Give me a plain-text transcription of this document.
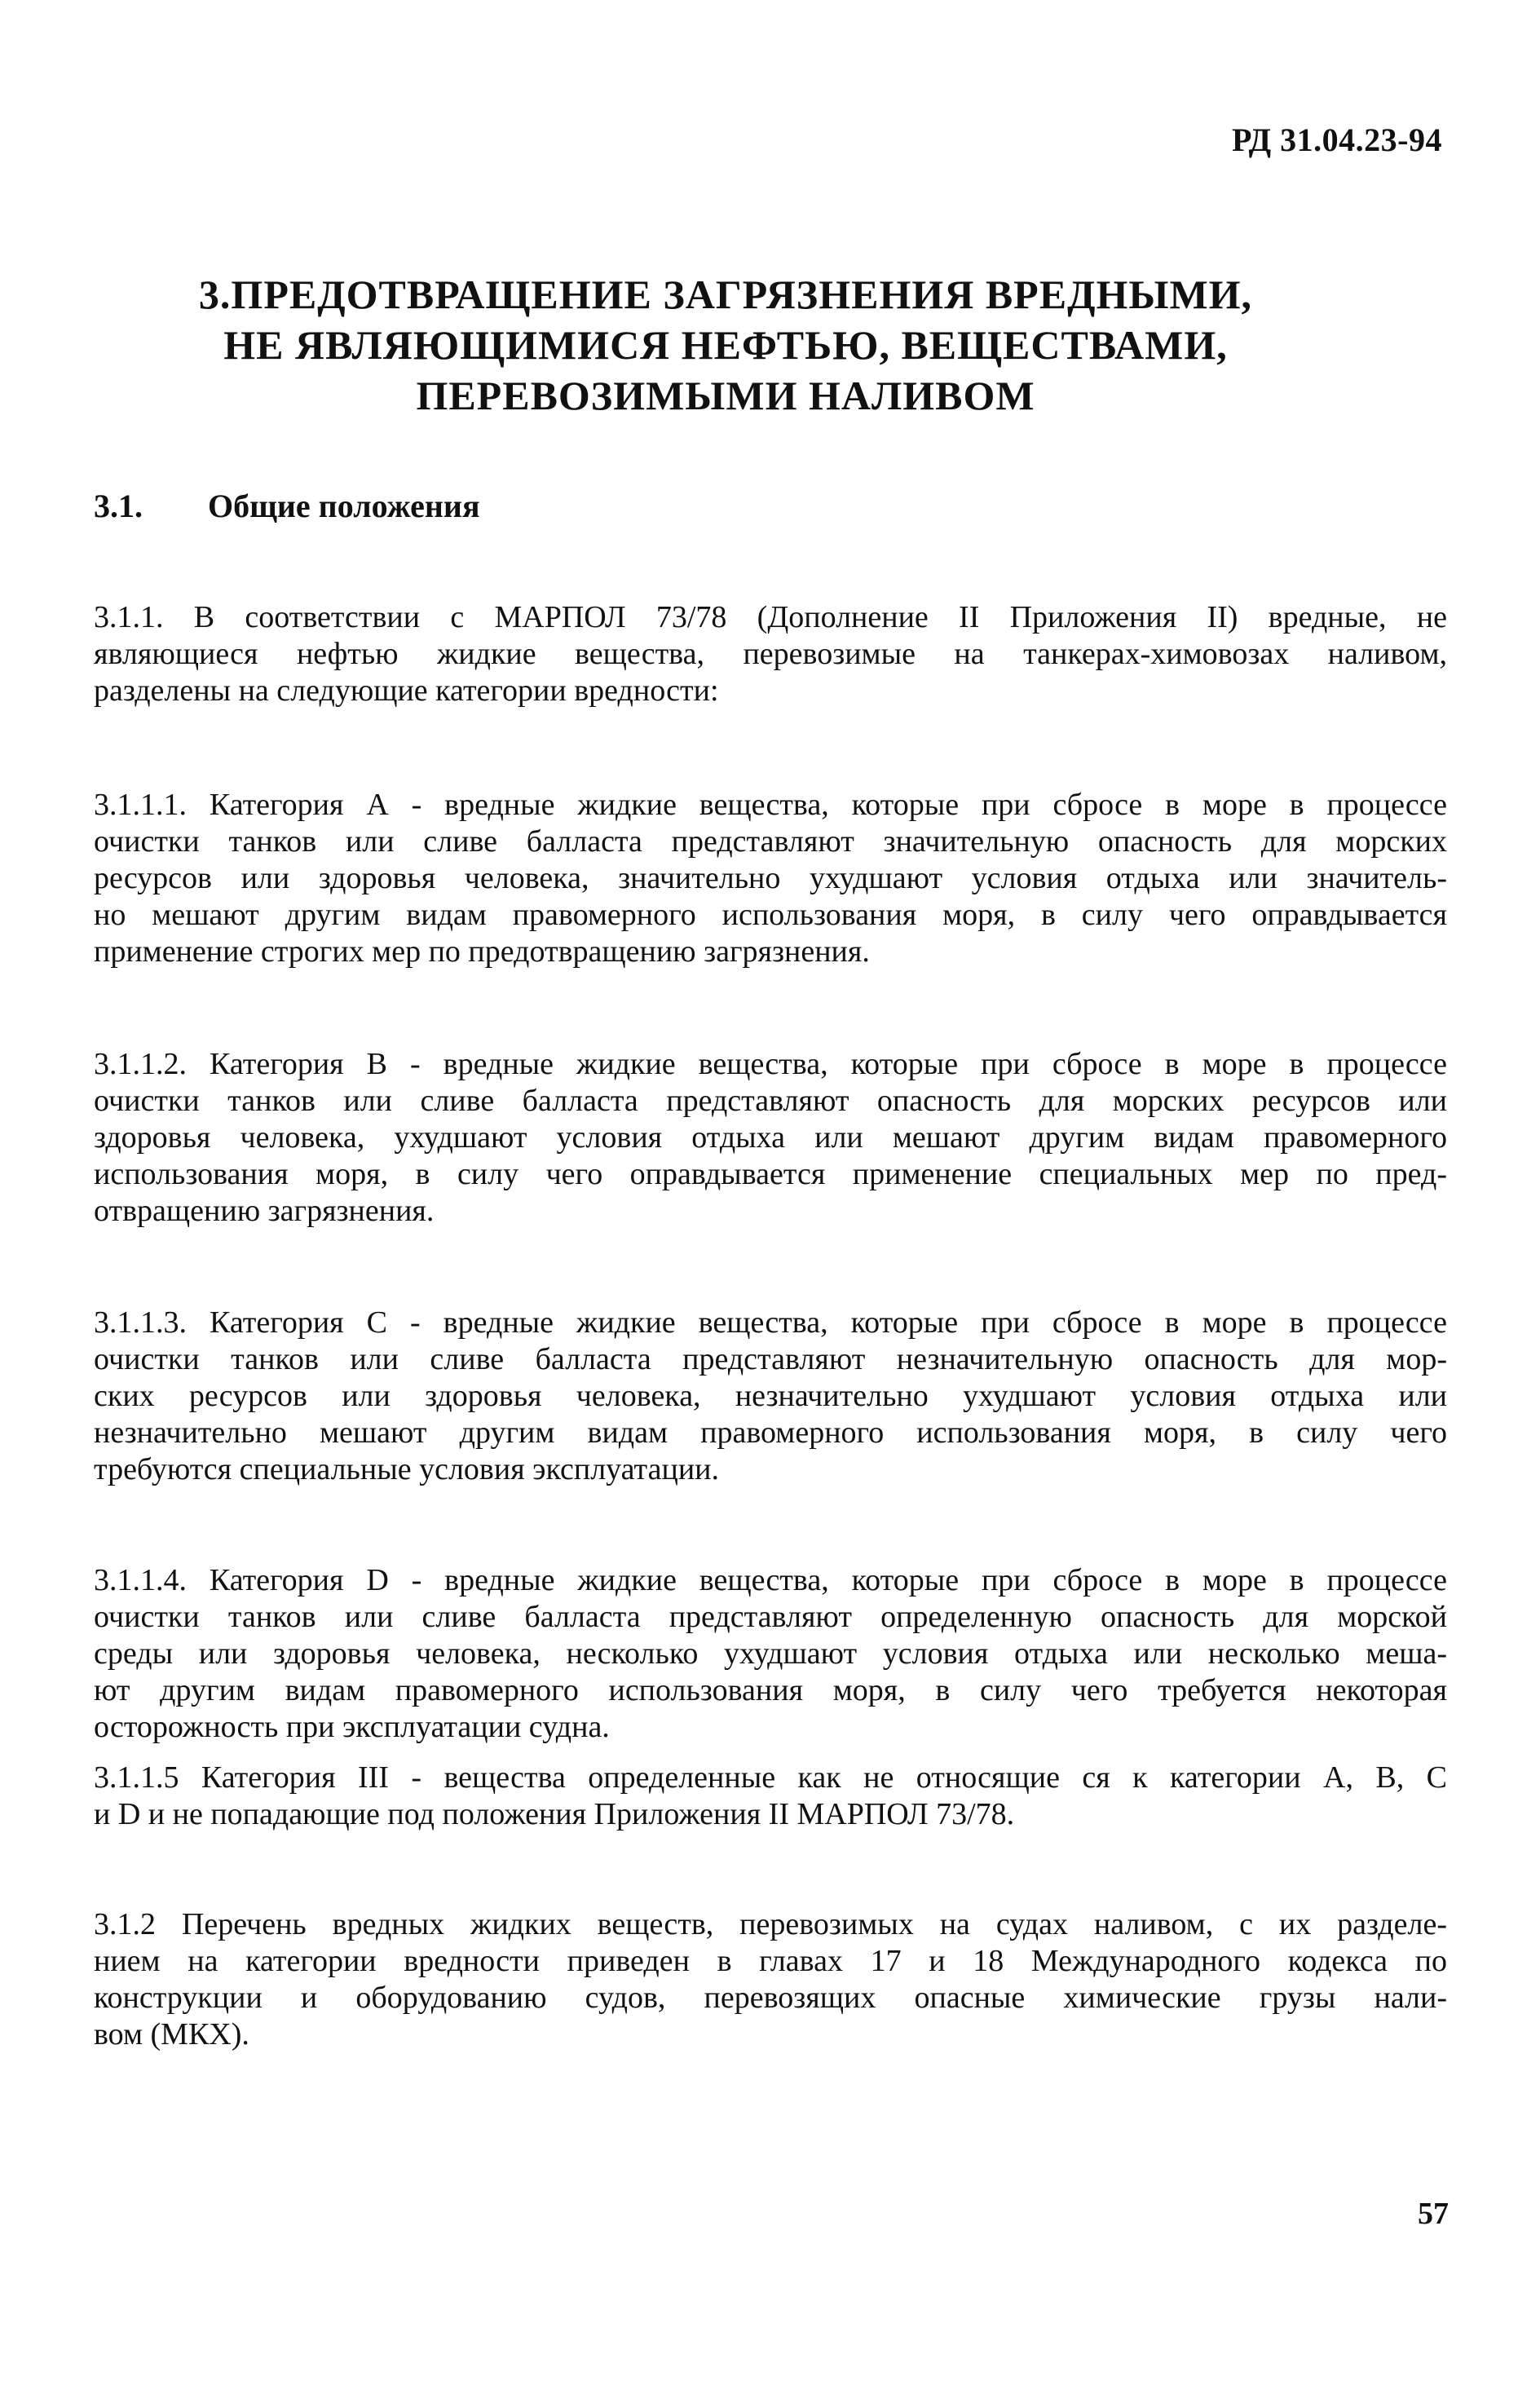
РД 31.04.23-94
3.ПРЕДОТВРАЩЕНИЕ ЗАГРЯЗНЕНИЯ ВРЕДНЫМИ,
НЕ ЯВЛЯЮЩИМИСЯ НЕФТЬЮ, ВЕЩЕСТВАМИ,
ПЕРЕВОЗИМЫМИ НАЛИВОМ
3.1. Общие положения
3.1.1. В соответствии с МАРПОЛ 73/78 (Дополнение II Приложения II) вредные, не
являющиеся нефтью жидкие вещества, перевозимые на танкерах-химовозах наливом,
разделены на следующие категории вредности:
3.1.1.1. Категория А - вредные жидкие вещества, которые при сбросе в море в процессе
очистки танков или сливе балласта представляют значительную опасность для морских
ресурсов или здоровья человека, значительно ухудшают условия отдыха или значитель-
но мешают другим видам правомерного использования моря, в силу чего оправдывается
применение строгих мер по предотвращению загрязнения.
3.1.1.2. Категория В - вредные жидкие вещества, которые при сбросе в море в процессе
очистки танков или сливе балласта представляют опасность для морских ресурсов или
здоровья человека, ухудшают условия отдыха или мешают другим видам правомерного
использования моря, в силу чего оправдывается применение специальных мер по пред-
отвращению загрязнения.
3.1.1.3. Категория С - вредные жидкие вещества, которые при сбросе в море в процессе
очистки танков или сливе балласта представляют незначительную опасность для мор-
ских ресурсов или здоровья человека, незначительно ухудшают условия отдыха или
незначительно мешают другим видам правомерного использования моря, в силу чего
требуются специальные условия эксплуатации.
3.1.1.4. Категория D - вредные жидкие вещества, которые при сбросе в море в процессе
очистки танков или сливе балласта представляют определенную опасность для морской
среды или здоровья человека, несколько ухудшают условия отдыха или несколько меша-
ют другим видам правомерного использования моря, в силу чего требуется некоторая
осторожность при эксплуатации судна.
3.1.1.5 Категория III - вещества определенные как не относящие ся к категории А, В, С
и D и не попадающие под положения Приложения II МАРПОЛ 73/78.
3.1.2 Перечень вредных жидких веществ, перевозимых на судах наливом, с их разделе-
нием на категории вредности приведен в главах 17 и 18 Международного кодекса по
конструкции и оборудованию судов, перевозящих опасные химические грузы нали-
вом (МКХ).
57
